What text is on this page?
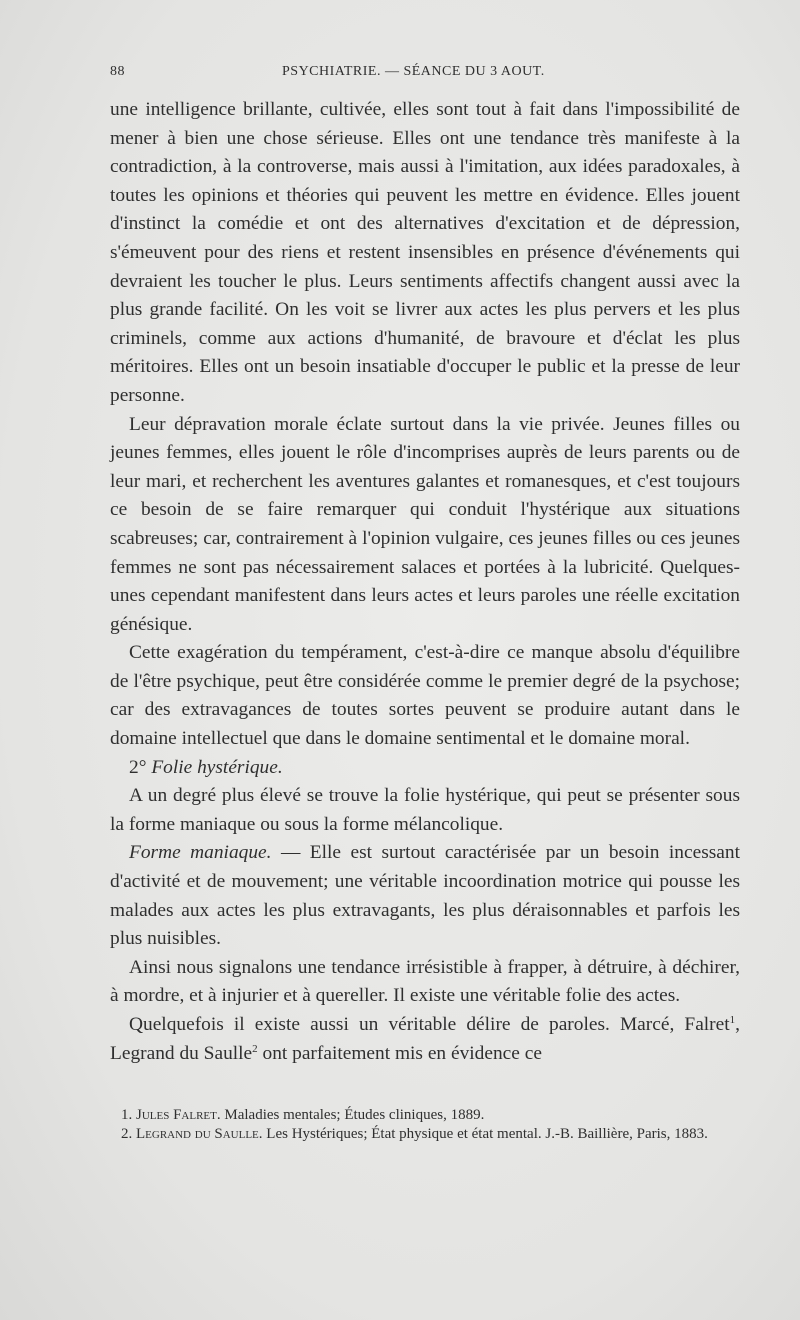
88	PSYCHIATRIE. — SÉANCE DU 3 AOUT.

une intelligence brillante, cultivée, elles sont tout à fait dans l'impossibilité de mener à bien une chose sérieuse. Elles ont une tendance très manifeste à la contradiction, à la controverse, mais aussi à l'imitation, aux idées paradoxales, à toutes les opinions et théories qui peuvent les mettre en évidence. Elles jouent d'instinct la comédie et ont des alternatives d'excitation et de dépression, s'émeuvent pour des riens et restent insensibles en présence d'événements qui devraient les toucher le plus. Leurs sentiments affectifs changent aussi avec la plus grande facilité. On les voit se livrer aux actes les plus pervers et les plus criminels, comme aux actions d'humanité, de bravoure et d'éclat les plus méritoires. Elles ont un besoin insatiable d'occuper le public et la presse de leur personne.

Leur dépravation morale éclate surtout dans la vie privée. Jeunes filles ou jeunes femmes, elles jouent le rôle d'incomprises auprès de leurs parents ou de leur mari, et recherchent les aventures galantes et romanesques, et c'est toujours ce besoin de se faire remarquer qui conduit l'hystérique aux situations scabreuses; car, contrairement à l'opinion vulgaire, ces jeunes filles ou ces jeunes femmes ne sont pas nécessairement salaces et portées à la lubricité. Quelques-unes cependant manifestent dans leurs actes et leurs paroles une réelle excitation génésique.

Cette exagération du tempérament, c'est-à-dire ce manque absolu d'équilibre de l'être psychique, peut être considérée comme le premier degré de la psychose; car des extravagances de toutes sortes peuvent se produire autant dans le domaine intellectuel que dans le domaine sentimental et le domaine moral.

2° Folie hystérique.

A un degré plus élevé se trouve la folie hystérique, qui peut se présenter sous la forme maniaque ou sous la forme mélancolique.

Forme maniaque. — Elle est surtout caractérisée par un besoin incessant d'activité et de mouvement; une véritable incoordination motrice qui pousse les malades aux actes les plus extravagants, les plus déraisonnables et parfois les plus nuisibles.

Ainsi nous signalons une tendance irrésistible à frapper, à détruire, à déchirer, à mordre, et à injurier et à quereller. Il existe une véritable folie des actes.

Quelquefois il existe aussi un véritable délire de paroles. Marcé, Falret$^1$, Legrand du Saulle$^2$ ont parfaitement mis en évidence ce

1. Jules Falret. Maladies mentales; Études cliniques, 1889.

2. Legrand du Saulle. Les Hystériques; État physique et état mental. J.-B. Baillière, Paris, 1883.
